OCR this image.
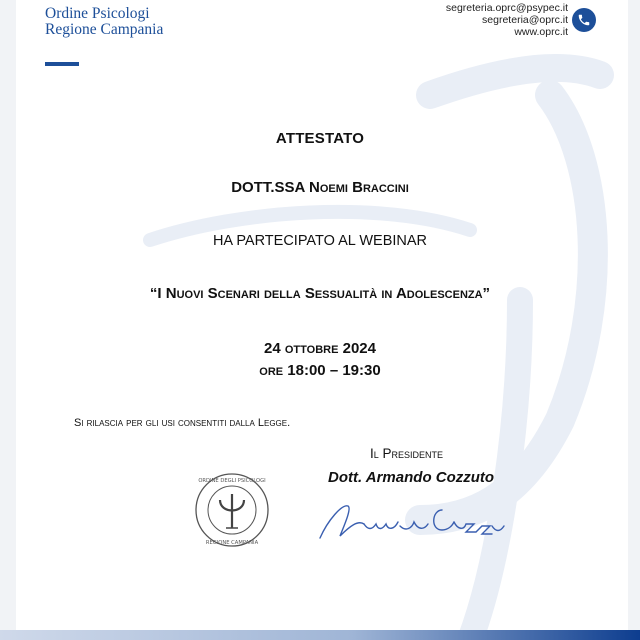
Ordine Psicologi
Regione Campania
segreteria.oprc@psypec.it
segreteria@oprc.it
www.oprc.it
ATTESTATO
DOTT.SSA Noemi Braccini
HA PARTECIPATO AL WEBINAR
“I Nuovi Scenari della Sessualità in Adolescenza”
24 ottobre 2024
ore 18:00 – 19:30
Si rilascia per gli usi consentiti dalla Legge.
Il Presidente
Dott. Armando Cozzuto
ORDINE DEGLI PSICOLOGI
REGIONE CAMPANIA
